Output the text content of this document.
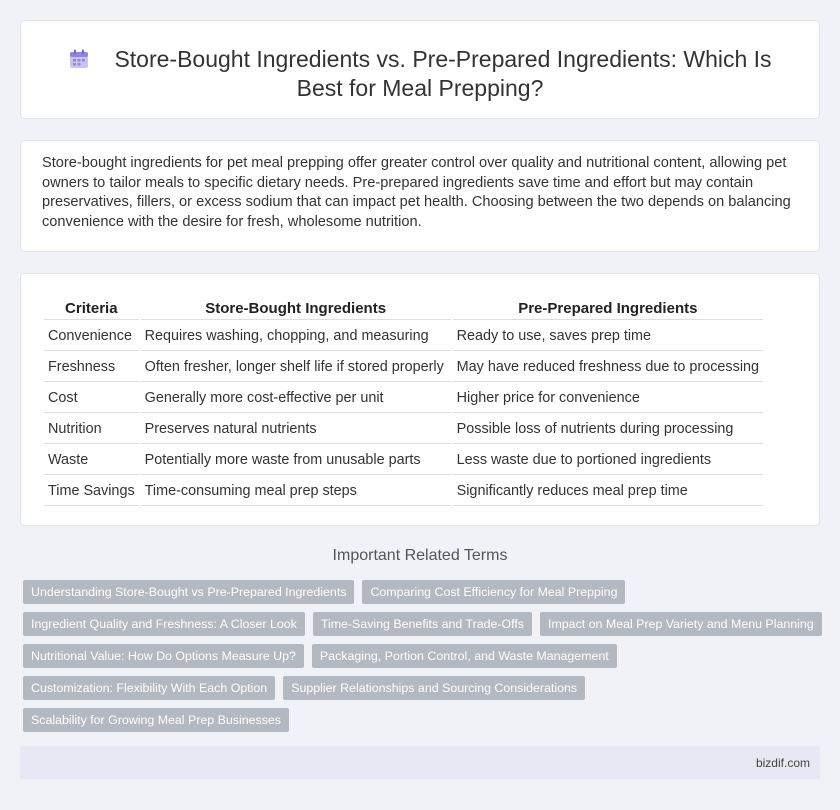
Store-Bought Ingredients vs. Pre-Prepared Ingredients: Which Is
Best for Meal Prepping?

Store-bought ingredients for pet meal prepping offer greater control over quality and nutritional content, allowing pet owners to tailor meals to specific dietary needs. Pre-prepared ingredients save time and effort but may contain preservatives, fillers, or excess sodium that can impact pet health. Choosing between the two depends on balancing convenience with the desire for fresh, wholesome nutrition.

Criteria	Store-Bought Ingredients	Pre-Prepared Ingredients
Convenience	Requires washing, chopping, and measuring	Ready to use, saves prep time
Freshness	Often fresher, longer shelf life if stored properly	May have reduced freshness due to processing
Cost	Generally more cost-effective per unit	Higher price for convenience
Nutrition	Preserves natural nutrients	Possible loss of nutrients during processing
Waste	Potentially more waste from unusable parts	Less waste due to portioned ingredients
Time Savings	Time-consuming meal prep steps	Significantly reduces meal prep time
Important Related Terms
Understanding Store-Bought vs Pre-Prepared Ingredients	Comparing Cost Efficiency for Meal Prepping
Ingredient Quality and Freshness: A Closer Look	Time-Saving Benefits and Trade-Offs	Impact on Meal Prep Variety and Menu Planning
Nutritional Value: How Do Options Measure Up?	Packaging, Portion Control, and Waste Management
Customization: Flexibility With Each Option	Supplier Relationships and Sourcing Considerations
Scalability for Growing Meal Prep Businesses
bizdif.com
